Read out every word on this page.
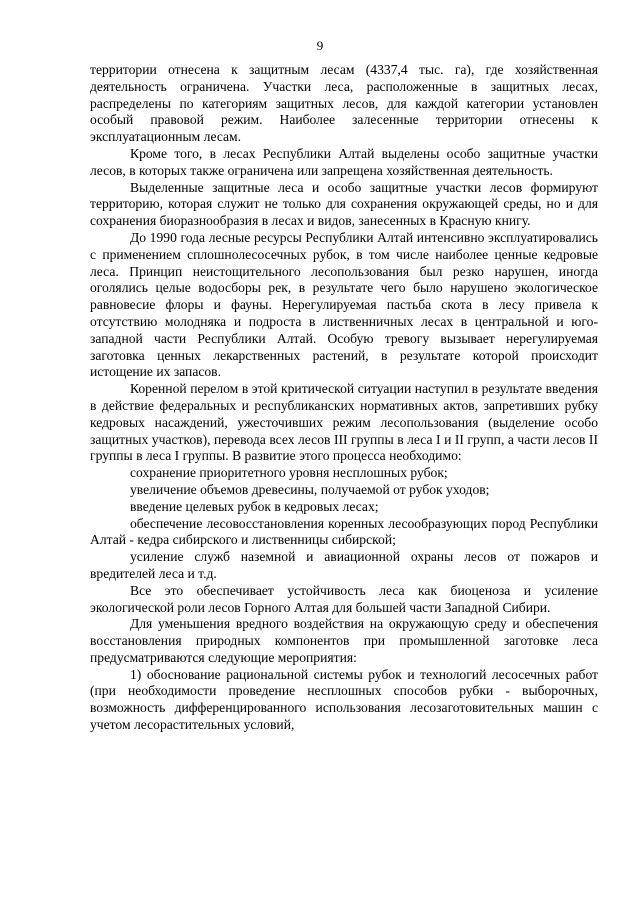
9

территории отнесена к защитным лесам (4337,4 тыс. га), где хозяйственная деятельность ограничена. Участки леса, расположенные в защитных лесах, распределены по категориям защитных лесов, для каждой категории установлен особый правовой режим. Наиболее залесенные территории отнесены к эксплуатационным лесам.

Кроме того, в лесах Республики Алтай выделены особо защитные участки лесов, в которых также ограничена или запрещена хозяйственная деятельность.

Выделенные защитные леса и особо защитные участки лесов формируют территорию, которая служит не только для сохранения окружающей среды, но и для сохранения биоразнообразия в лесах и видов, занесенных в Красную книгу.

До 1990 года лесные ресурсы Республики Алтай интенсивно эксплуатировались с применением сплошнолесосечных рубок, в том числе наиболее ценные кедровые леса. Принцип неистощительного лесопользования был резко нарушен, иногда оголялись целые водосборы рек, в результате чего было нарушено экологическое равновесие флоры и фауны. Нерегулируемая пастьба скота в лесу привела к отсутствию молодняка и подроста в лиственничных лесах в центральной и юго-западной части Республики Алтай. Особую тревогу вызывает нерегулируемая заготовка ценных лекарственных растений, в результате которой происходит истощение их запасов.

Коренной перелом в этой критической ситуации наступил в результате введения в действие федеральных и республиканских нормативных актов, запретивших рубку кедровых насаждений, ужесточивших режим лесопользования (выделение особо защитных участков), перевода всех лесов III группы в леса I и II групп, а части лесов II группы в леса I группы. В развитие этого процесса необходимо:

сохранение приоритетного уровня несплошных рубок;

увеличение объемов древесины, получаемой от рубок уходов;

введение целевых рубок в кедровых лесах;

обеспечение лесовосстановления коренных лесообразующих пород Республики Алтай - кедра сибирского и лиственницы сибирской;

усиление служб наземной и авиационной охраны лесов от пожаров и вредителей леса и т.д.

Все это обеспечивает устойчивость леса как биоценоза и усиление экологической роли лесов Горного Алтая для большей части Западной Сибири.

Для уменьшения вредного воздействия на окружающую среду и обеспечения восстановления природных компонентов при промышленной заготовке леса предусматриваются следующие мероприятия:

1) обоснование рациональной системы рубок и технологий лесосечных работ (при необходимости проведение несплошных способов рубки - выборочных, возможность дифференцированного использования лесозаготовительных машин с учетом лесорастительных условий,
